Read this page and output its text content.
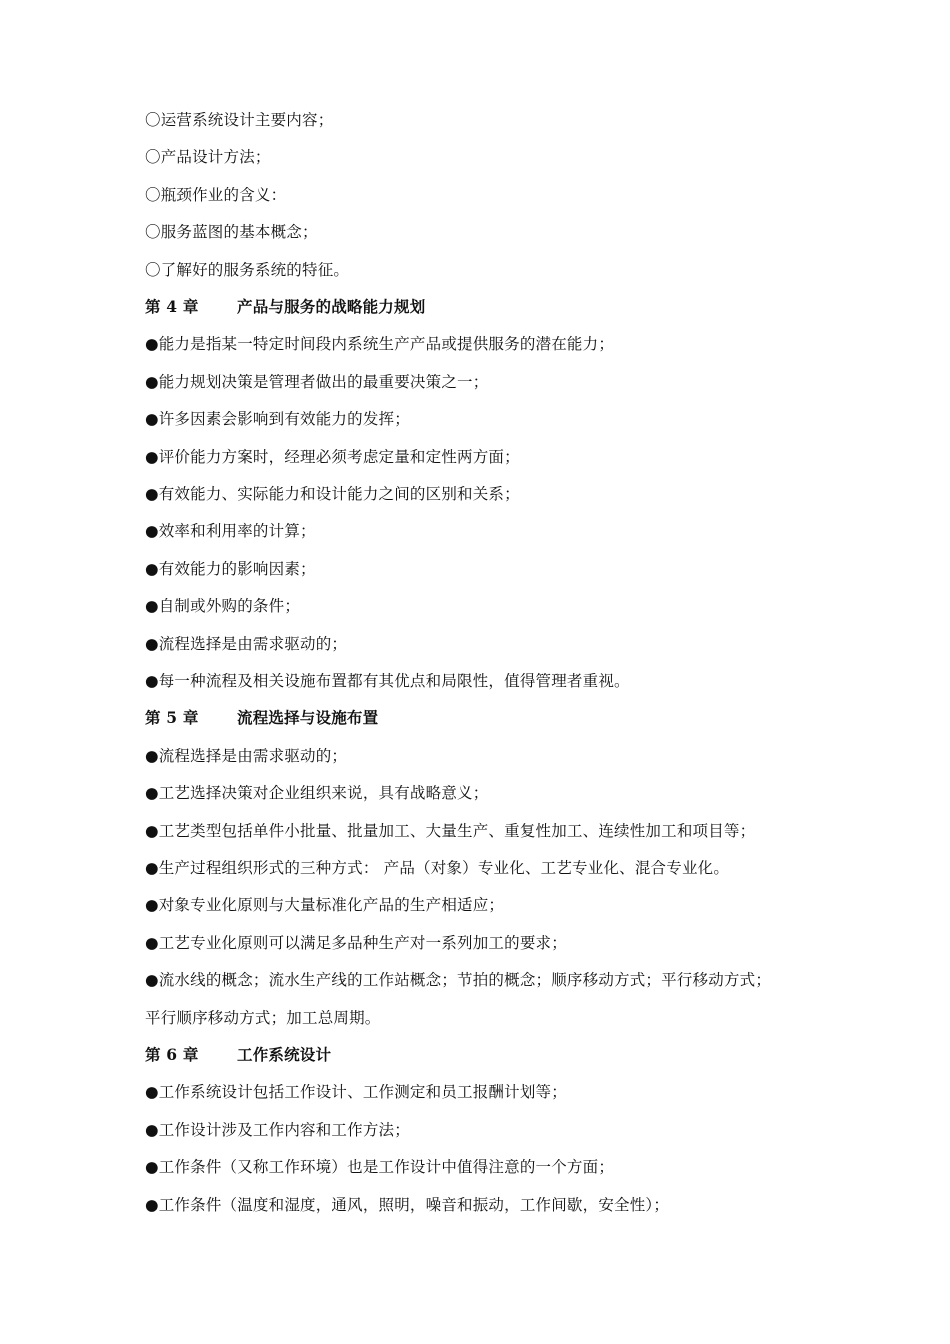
〇运营系统设计主要内容；
〇产品设计方法；
〇瓶颈作业的含义：
〇服务蓝图的基本概念；
〇了解好的服务系统的特征。
第 4 章 产品与服务的战略能力规划
●能力是指某一特定时间段内系统生产产品或提供服务的潜在能力；
●能力规划决策是管理者做出的最重要决策之一；
●许多因素会影响到有效能力的发挥；
●评价能力方案时，经理必须考虑定量和定性两方面；
●有效能力、实际能力和设计能力之间的区别和关系；
●效率和利用率的计算；
●有效能力的影响因素；
●自制或外购的条件；
●流程选择是由需求驱动的；
●每一种流程及相关设施布置都有其优点和局限性，值得管理者重视。
第 5 章 流程选择与设施布置
●流程选择是由需求驱动的；
●工艺选择决策对企业组织来说，具有战略意义；
●工艺类型包括单件小批量、批量加工、大量生产、重复性加工、连续性加工和项目等；
●生产过程组织形式的三种方式： 产品（对象）专业化、工艺专业化、混合专业化。
●对象专业化原则与大量标准化产品的生产相适应；
●工艺专业化原则可以满足多品种生产对一系列加工的要求；
●流水线的概念；流水生产线的工作站概念；节拍的概念；顺序移动方式；平行移动方式；
平行顺序移动方式；加工总周期。
第 6 章 工作系统设计
●工作系统设计包括工作设计、工作测定和员工报酬计划等；
●工作设计涉及工作内容和工作方法；
●工作条件（又称工作环境）也是工作设计中值得注意的一个方面；
●工作条件（温度和湿度，通风，照明，噪音和振动，工作间歇，安全性）；
